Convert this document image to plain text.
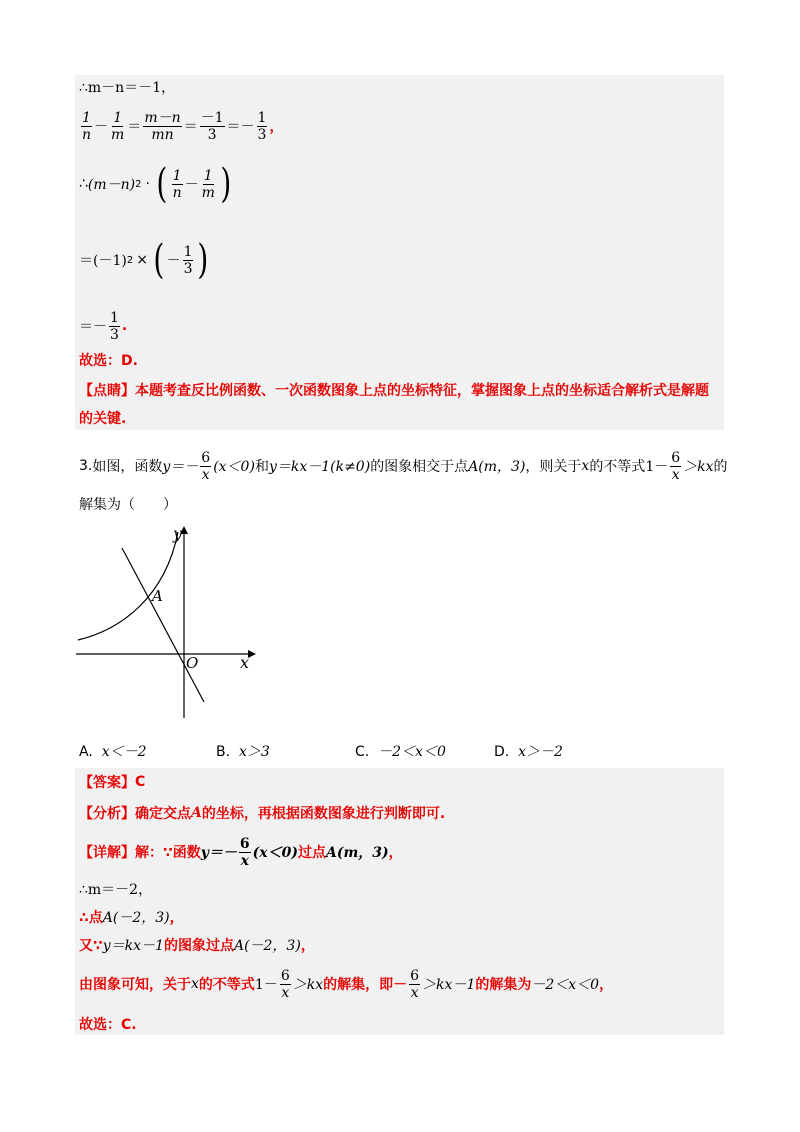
∴m－n＝－1，
$\frac{1}{n} - \frac{1}{m} = \frac{m-n}{mn} = \frac{-1}{3} =- \frac{1}{3}$ ，
∴ (m－n) 2 · ( $\frac{1}{n} - \frac{1}{m}$ )
＝(－1) 2 × ( － $\frac{1}{3}$ )
＝－ $\frac{1}{3}$ .
故选：D.
【点睛】 本题考查反比例函数、一次函数图象上点的坐标特征，掌握图象上点的坐标适合解析式是解题
的关键.
3. 如图，函数 $y=- \frac{6}{x} (x<0)$ 和 y＝kx－1(k≠0) 的图象相交于点 A(m，3) ，则关于 x 的不等式 $1- \frac{6}{x} >kx$ 的
解集为（　　）
y
x
O
A
A. x＜－2	B. x＞3	C. －2＜x＜0	D. x＞－2
【答案】 C
【分析】 确定交点 A 的坐标，再根据函数图象进行判断即可.
【详解】 解：∵函数 $y=- \frac{6}{x} (x<0)$ 过点 A(m，3) ，
∴m＝－2，
∴点 A(－2，3) ，
又∵ y＝kx－1 的图象过点 A(－2，3) ，
由图象可知，关于 x 的不等式 $1- \frac{6}{x} >kx$ 的解集，即－ $\frac{6}{x} >kx-1$ 的解集为 －2＜x＜0 ，
故选：C.
